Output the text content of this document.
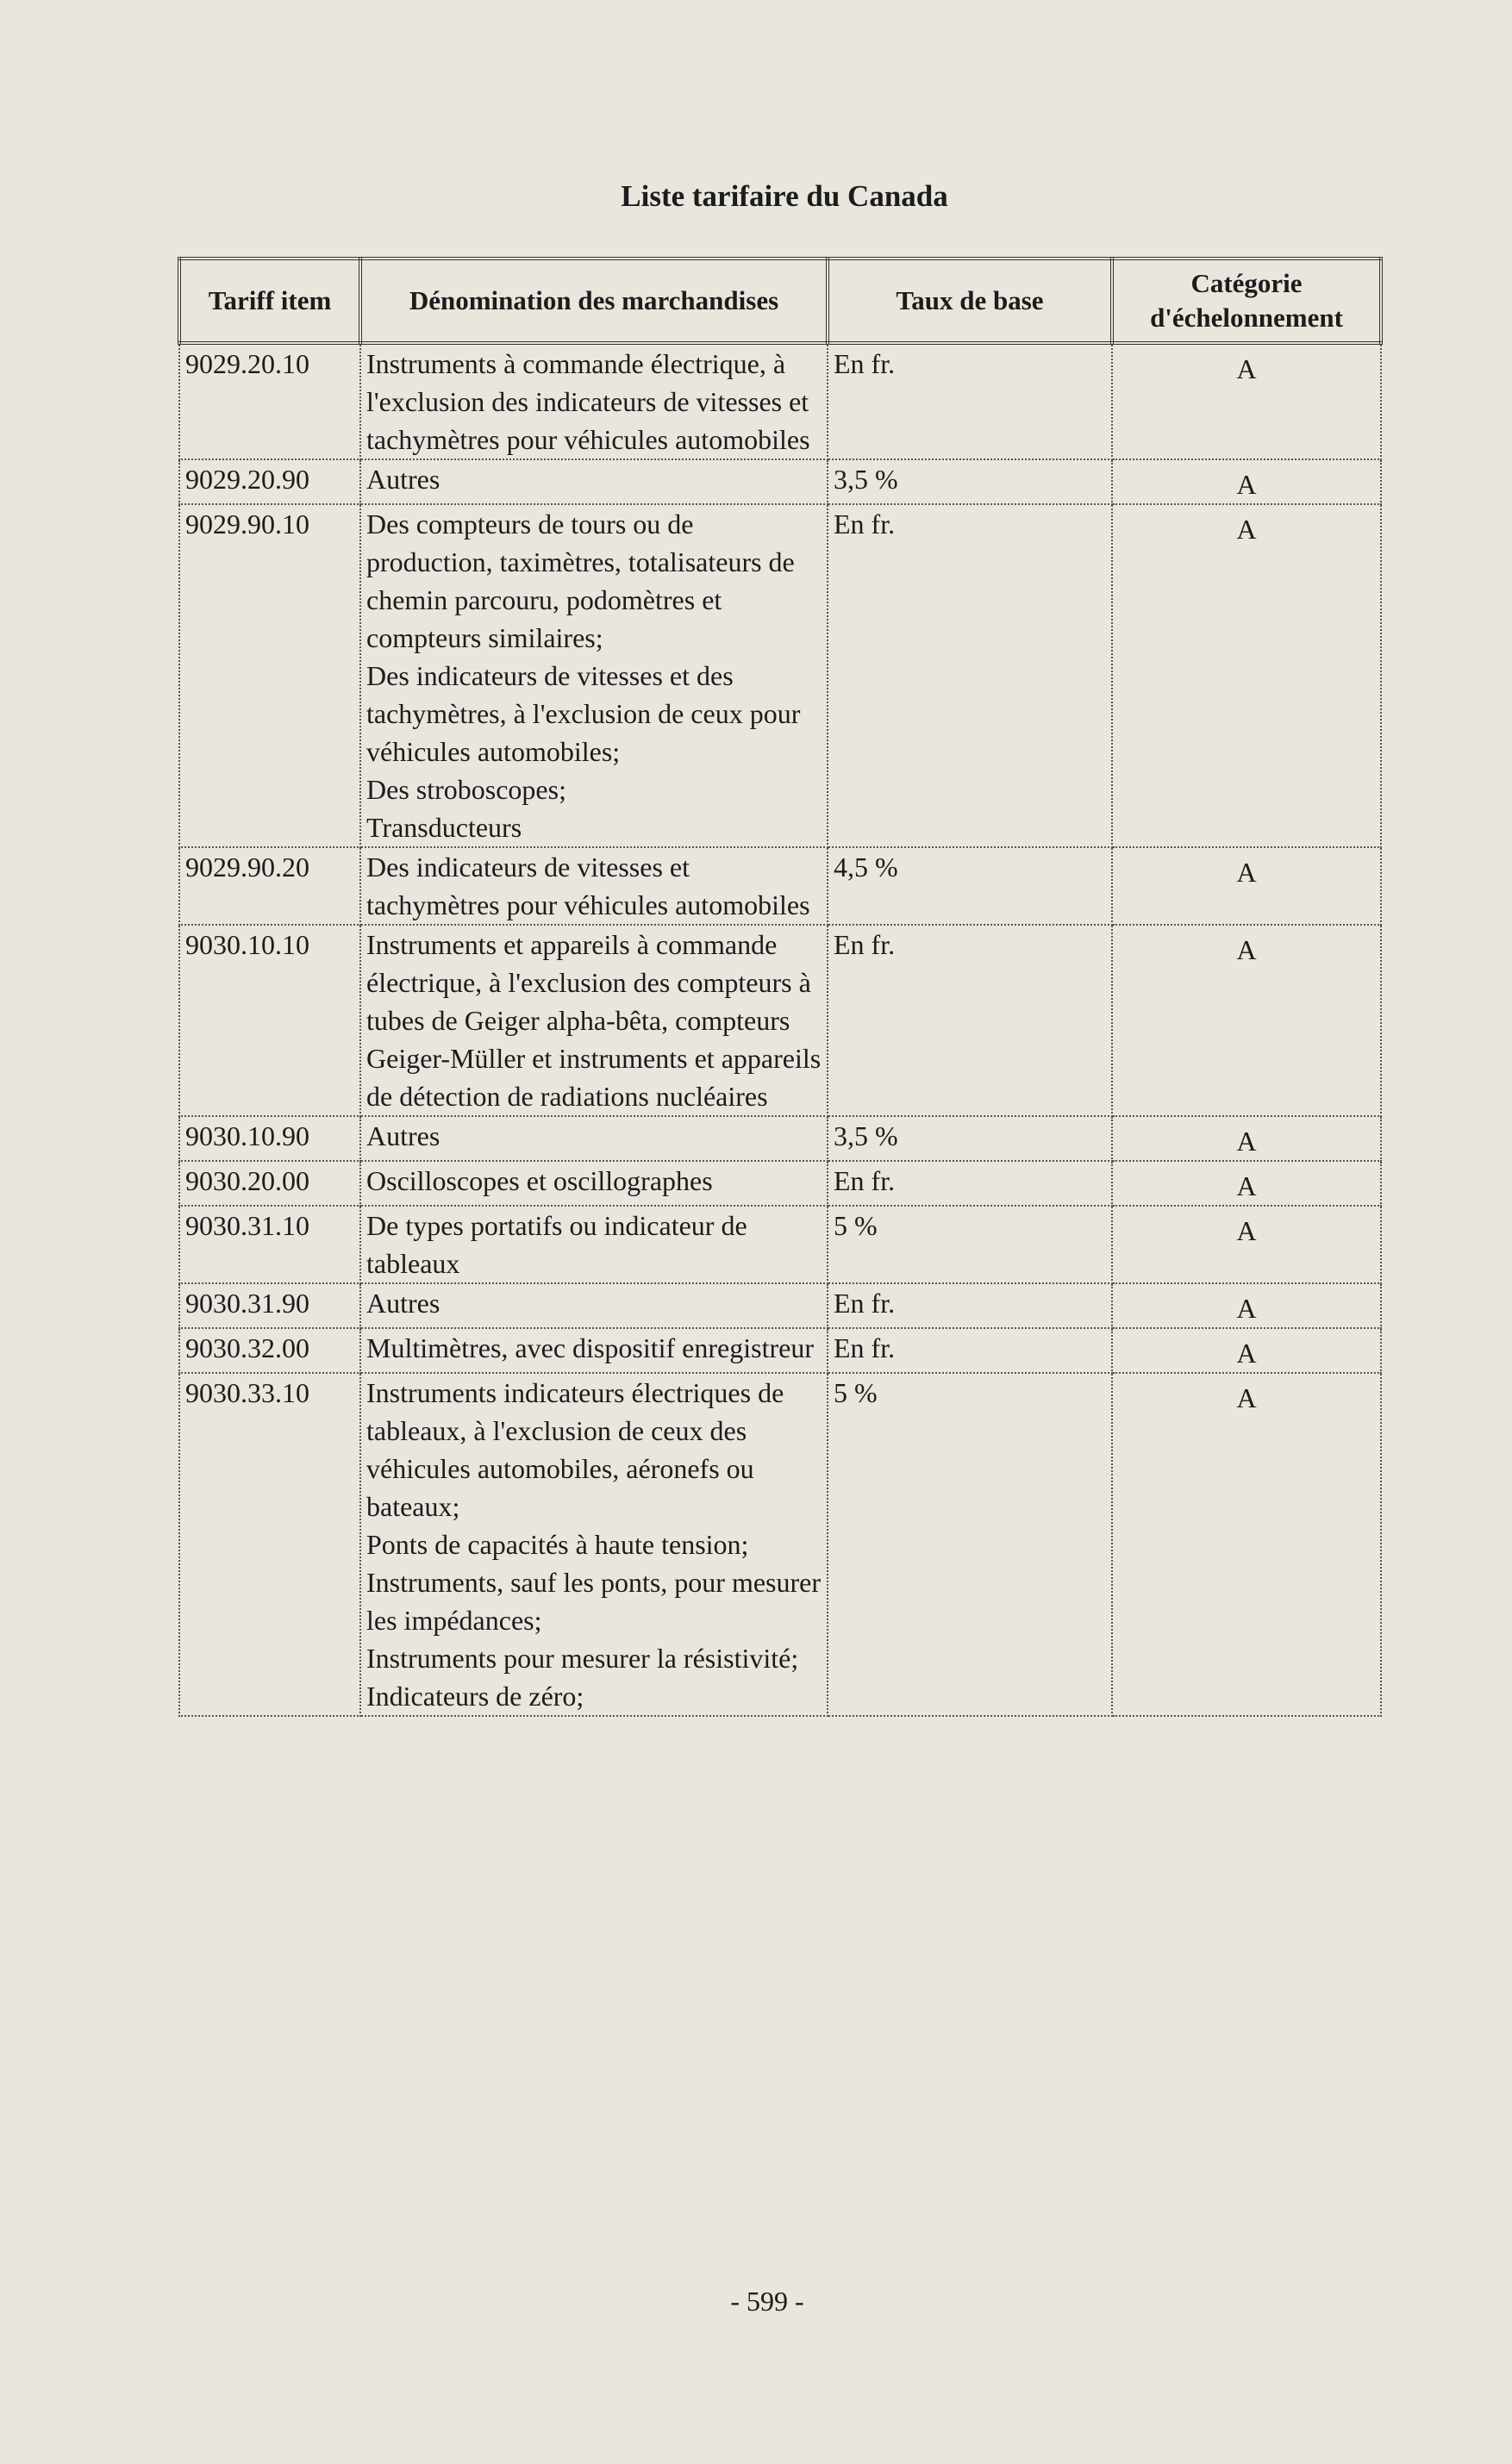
Liste tarifaire du Canada
Tariff item	Dénomination des marchandises	Taux de base	Catégorie d'échelonnement
9029.20.10	Instruments à commande électrique, à l'exclusion des indicateurs de vitesses et tachymètres pour véhicules automobiles	En fr.	A
9029.20.90	Autres	3,5 %	A
9029.90.10	Des compteurs de tours ou de production, taximètres, totalisateurs de chemin parcouru, podomètres et compteurs similaires;
Des indicateurs de vitesses et des tachymètres, à l'exclusion de ceux pour véhicules automobiles;
Des stroboscopes;
Transducteurs	En fr.	A
9029.90.20	Des indicateurs de vitesses et tachymètres pour véhicules automobiles	4,5 %	A
9030.10.10	Instruments et appareils à commande électrique, à l'exclusion des compteurs à tubes de Geiger alpha-bêta, compteurs Geiger-Müller et instruments et appareils de détection de radiations nucléaires	En fr.	A
9030.10.90	Autres	3,5 %	A
9030.20.00	Oscilloscopes et oscillographes	En fr.	A
9030.31.10	De types portatifs ou indicateur de tableaux	5 %	A
9030.31.90	Autres	En fr.	A
9030.32.00	Multimètres, avec dispositif enregistreur	En fr.	A
9030.33.10	Instruments indicateurs électriques de tableaux, à l'exclusion de ceux des véhicules automobiles, aéronefs ou bateaux;
Ponts de capacités à haute tension;
Instruments, sauf les ponts, pour mesurer les impédances;
Instruments pour mesurer la résistivité;
Indicateurs de zéro;	5 %	A
- 599 -
